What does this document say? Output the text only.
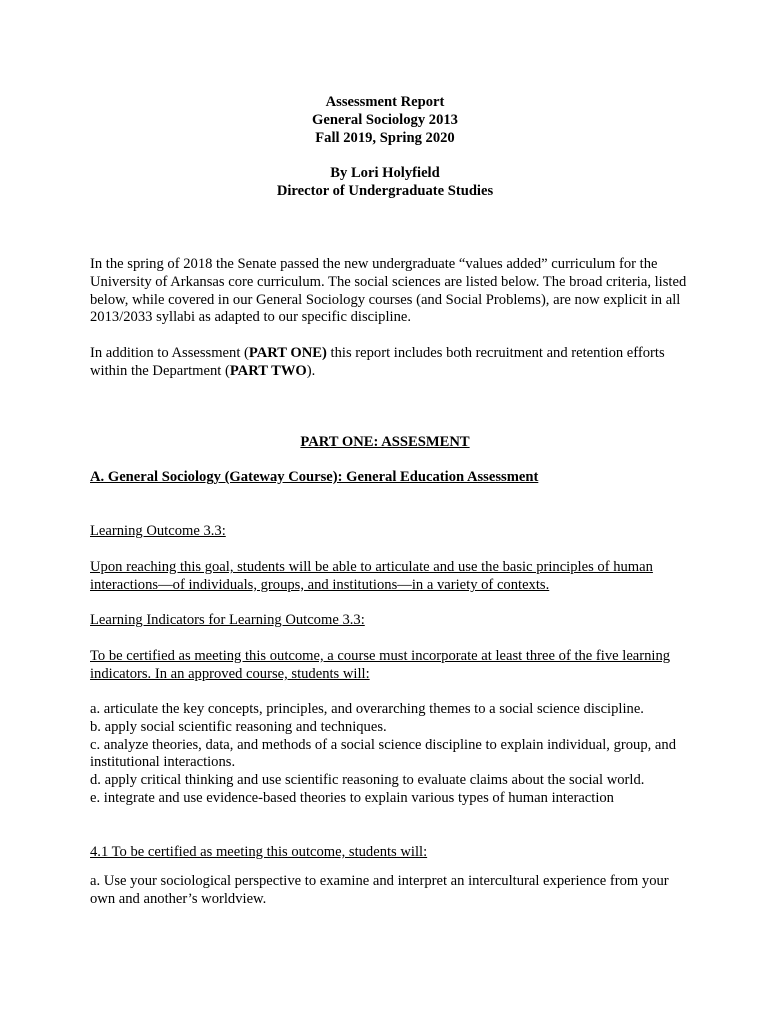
Assessment Report
General Sociology 2013
Fall 2019, Spring 2020
By Lori Holyfield
Director of Undergraduate Studies

In the spring of 2018 the Senate passed the new undergraduate “values added” curriculum for the University of Arkansas core curriculum. The social sciences are listed below. The broad criteria, listed below, while covered in our General Sociology courses (and Social Problems), are now explicit in all 2013/2033 syllabi as adapted to our specific discipline.

In addition to Assessment (PART ONE) this report includes both recruitment and retention efforts within the Department (PART TWO).

PART ONE: ASSESMENT
A. General Sociology (Gateway Course): General Education Assessment
Learning Outcome 3.3:

Upon reaching this goal, students will be able to articulate and use the basic principles of human interactions—of individuals, groups, and institutions—in a variety of contexts.

Learning Indicators for Learning Outcome 3.3:

To be certified as meeting this outcome, a course must incorporate at least three of the five learning indicators. In an approved course, students will:

a. articulate the key concepts, principles, and overarching themes to a social science discipline.
b. apply social scientific reasoning and techniques.
c. analyze theories, data, and methods of a social science discipline to explain individual, group, and institutional interactions.
d. apply critical thinking and use scientific reasoning to evaluate claims about the social world.
e. integrate and use evidence-based theories to explain various types of human interaction
4.1 To be certified as meeting this outcome, students will:

a. Use your sociological perspective to examine and interpret an intercultural experience from your own and another’s worldview.
